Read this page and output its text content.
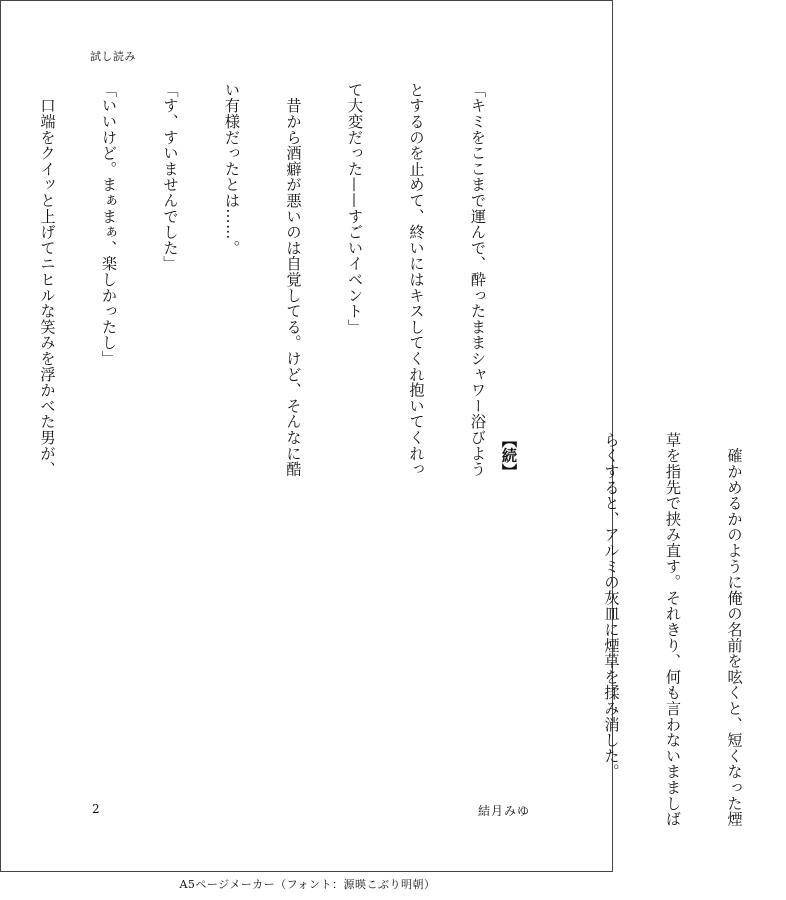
試し読み

「キミをここまで運んで、酔ったままシャワー浴びよう

とするのを止めて、終いにはキスしてくれ抱いてくれっ

て大変だった——すごいイベント」

　昔から酒癖が悪いのは自覚してる。けど、そんなに酷

い有様だったとは……。

「す、すいませんでした」

「いいけど。まぁまぁ、楽しかったし」

　口端をクイッと上げてニヒルな笑みを浮かべた男が、

　確かめるかのように俺の名前を呟くと、短くなった煙

草を指先で挟み直す。それきり、何も言わないまましば

らくすると、アルミの灰皿に煙草を揉み消した。

【続】

2	結月みゆ
A5ページメーカー（フォント：源暎こぶり明朝）
